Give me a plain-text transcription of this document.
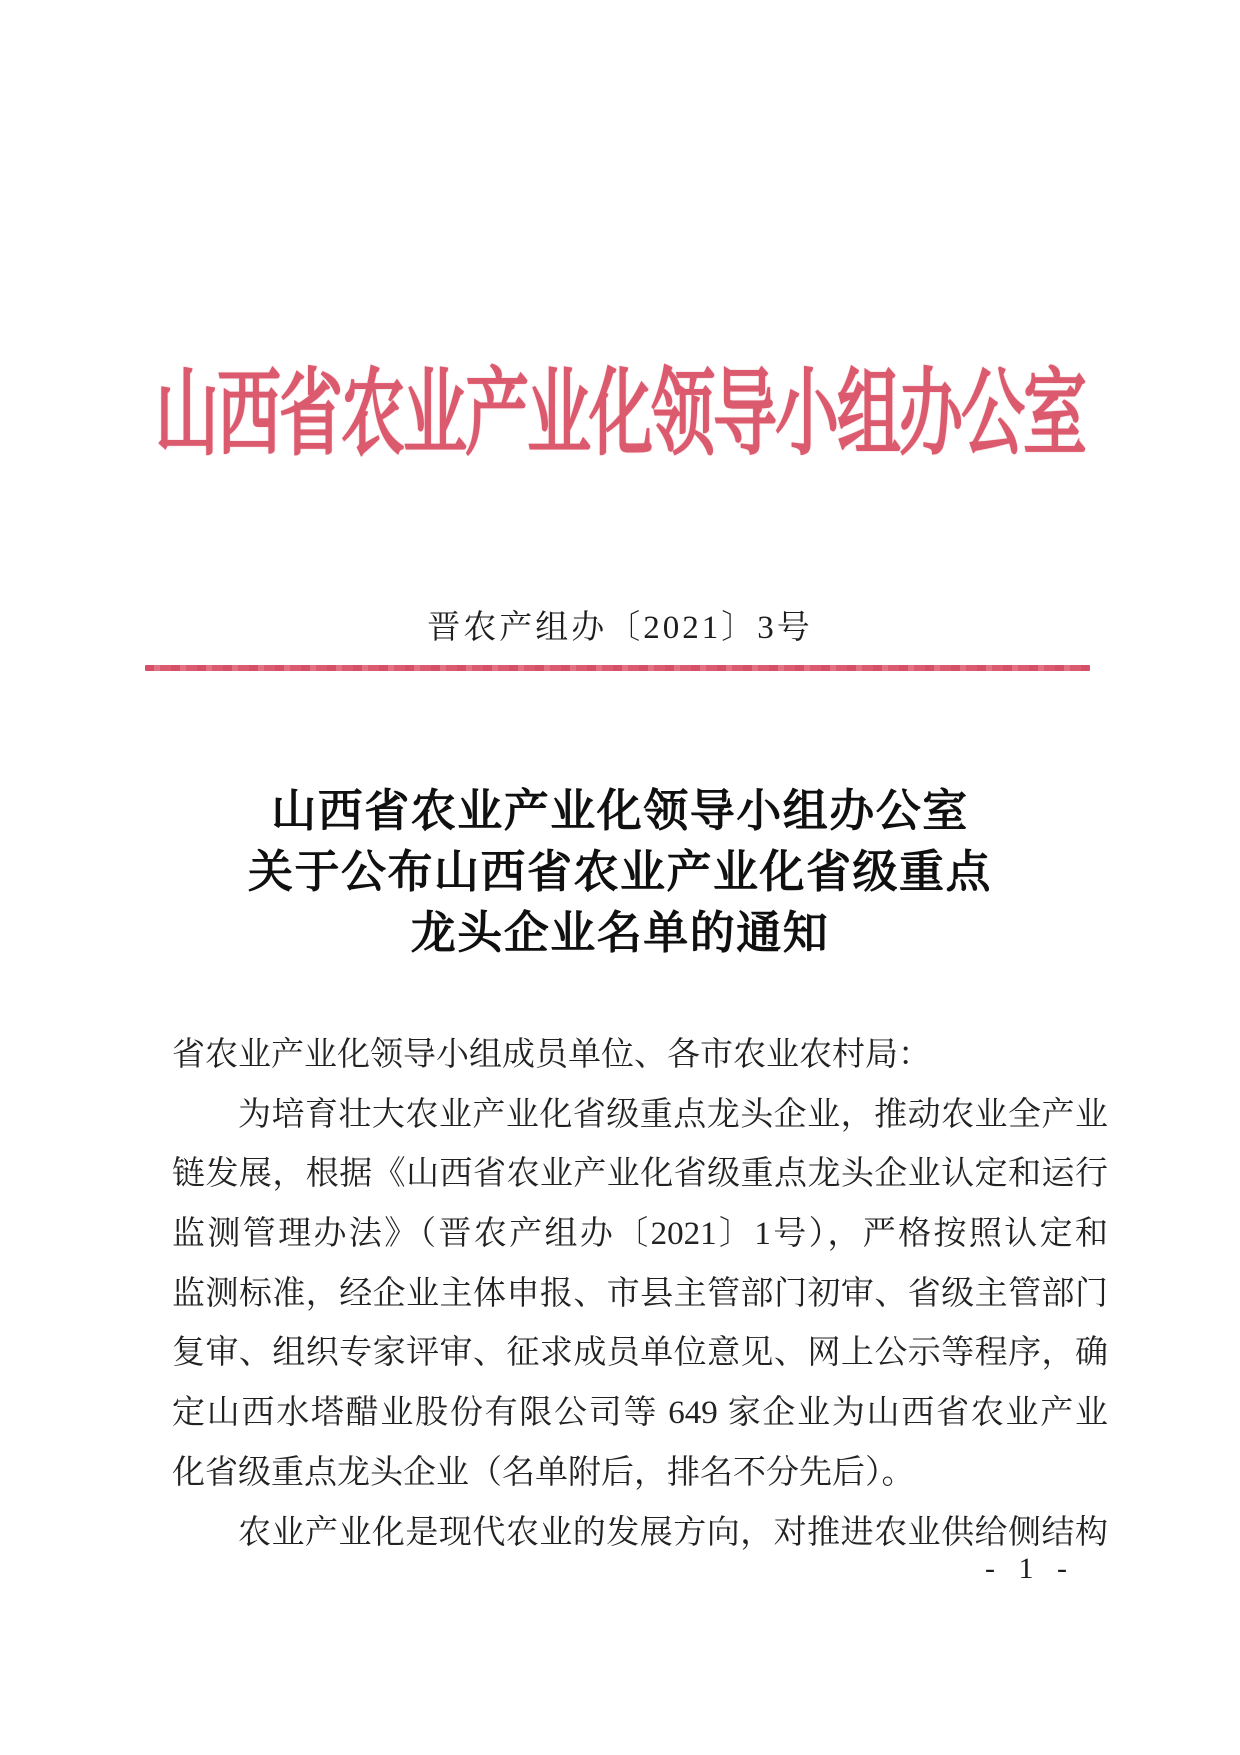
山西省农业产业化领导小组办公室
晋农产组办〔2021〕3号
山西省农业产业化领导小组办公室
关于公布山西省农业产业化省级重点
龙头企业名单的通知
省农业产业化领导小组成员单位、各市农业农村局：
为培育壮大农业产业化省级重点龙头企业，推动农业全产业
链发展，根据《山西省农业产业化省级重点龙头企业认定和运行
监测管理办法》（晋农产组办〔2021〕1号），严格按照认定和
监测标准，经企业主体申报、市县主管部门初审、省级主管部门
复审、组织专家评审、征求成员单位意见、网上公示等程序，确
定山西水塔醋业股份有限公司等 649 家企业为山西省农业产业
化省级重点龙头企业（名单附后，排名不分先后）。
农业产业化是现代农业的发展方向，对推进农业供给侧结构
- 1 -
